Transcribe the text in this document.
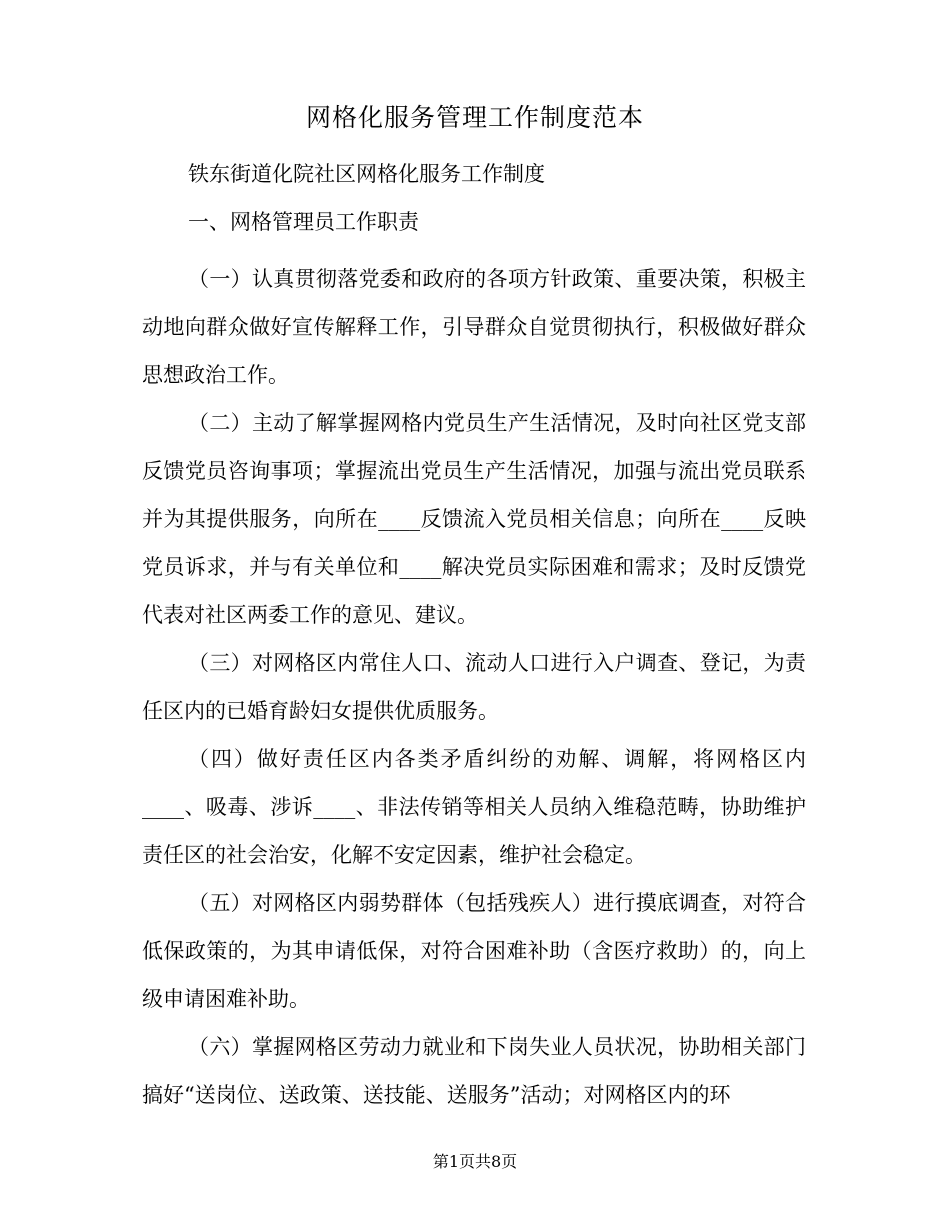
网格化服务管理工作制度范本
铁东街道化院社区网格化服务工作制度
一、网格管理员工作职责

（一）认真贯彻落党委和政府的各项方针政策、重要决策，积极主动地向群众做好宣传解释工作，引导群众自觉贯彻执行，积极做好群众思想政治工作。

（二）主动了解掌握网格内党员生产生活情况，及时向社区党支部反馈党员咨询事项；掌握流出党员生产生活情况，加强与流出党员联系并为其提供服务，向所在____反馈流入党员相关信息；向所在____反映党员诉求，并与有关单位和____解决党员实际困难和需求；及时反馈党代表对社区两委工作的意见、建议。

（三）对网格区内常住人口、流动人口进行入户调查、登记，为责任区内的已婚育龄妇女提供优质服务。

（四）做好责任区内各类矛盾纠纷的劝解、调解，将网格区内____、吸毒、涉诉____、非法传销等相关人员纳入维稳范畴，协助维护责任区的社会治安，化解不安定因素，维护社会稳定。

（五）对网格区内弱势群体（包括残疾人）进行摸底调查，对符合低保政策的，为其申请低保，对符合困难补助（含医疗救助）的，向上级申请困难补助。

（六）掌握网格区劳动力就业和下岗失业人员状况，协助相关部门搞好“送岗位、送政策、送技能、送服务”活动；对网格区内的环

第1页共8页
